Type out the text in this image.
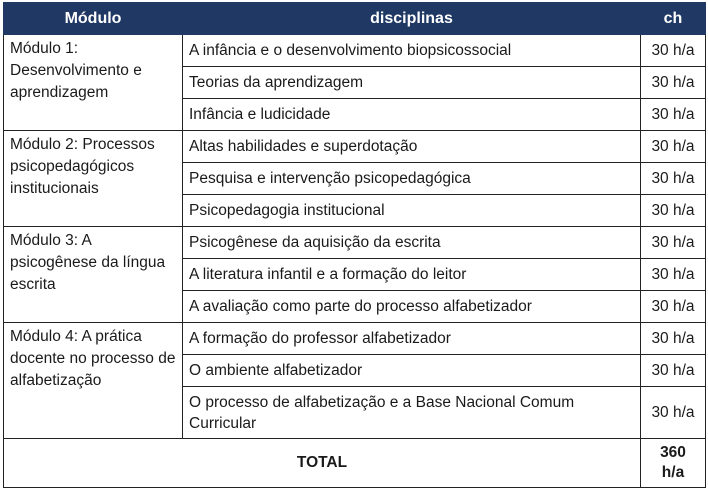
Módulo	disciplinas	ch
Módulo 1: Desenvolvimento e aprendizagem	A infância e o desenvolvimento biopsicossocial	30 h/a
	Teorias da aprendizagem	30 h/a
	Infância e ludicidade	30 h/a
Módulo 2: Processos psicopedagógicos institucionais	Altas habilidades e superdotação	30 h/a
	Pesquisa e intervenção psicopedagógica	30 h/a
	Psicopedagogia institucional	30 h/a
Módulo 3: A psicogênese da língua escrita	Psicogênese da aquisição da escrita	30 h/a
	A literatura infantil e a formação do leitor	30 h/a
	A avaliação como parte do processo alfabetizador	30 h/a
Módulo 4: A prática docente no processo de alfabetização	A formação do professor alfabetizador	30 h/a
	O ambiente alfabetizador	30 h/a
	O processo de alfabetização e a Base Nacional Comum Curricular	30 h/a
TOTAL		360 h/a
